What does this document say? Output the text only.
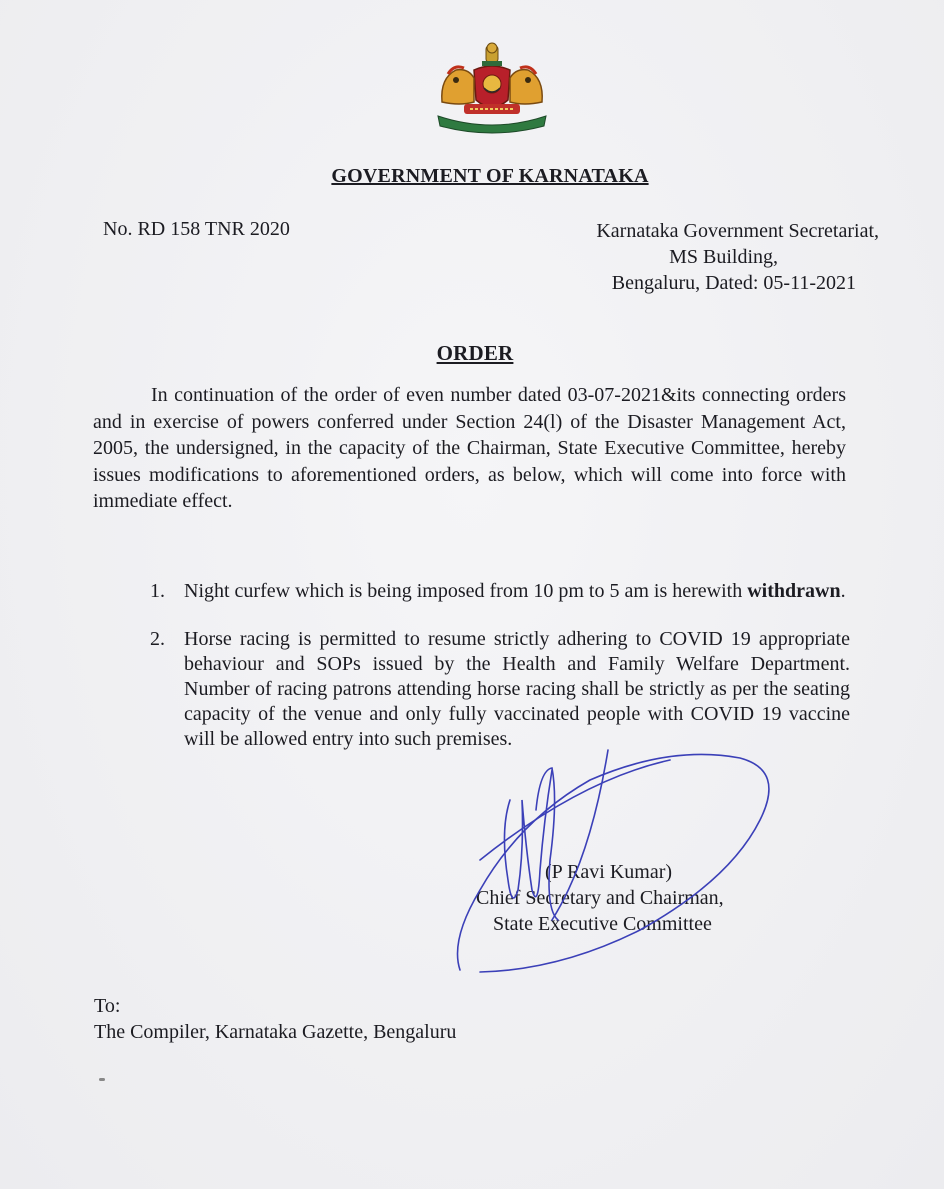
GOVERNMENT OF KARNATAKA
No. RD 158 TNR 2020	Karnataka Government Secretariat,
MS Building,
Bengaluru, Dated: 05-11-2021
ORDER

In continuation of the order of even number dated 03-07-2021&its connecting orders and in exercise of powers conferred under Section 24(l) of the Disaster Management Act, 2005, the undersigned, in the capacity of the Chairman, State Executive Committee, hereby issues modifications to aforementioned orders, as below, which will come into force with immediate effect.

1. Night curfew which is being imposed from 10 pm to 5 am is herewith withdrawn.
2. Horse racing is permitted to resume strictly adhering to COVID 19 appropriate behaviour and SOPs issued by the Health and Family Welfare Department. Number of racing patrons attending horse racing shall be strictly as per the seating capacity of the venue and only fully vaccinated people with COVID 19 vaccine will be allowed entry into such premises.
(P Ravi Kumar)
Chief Secretary and Chairman,
State Executive Committee
To:
The Compiler, Karnataka Gazette, Bengaluru
